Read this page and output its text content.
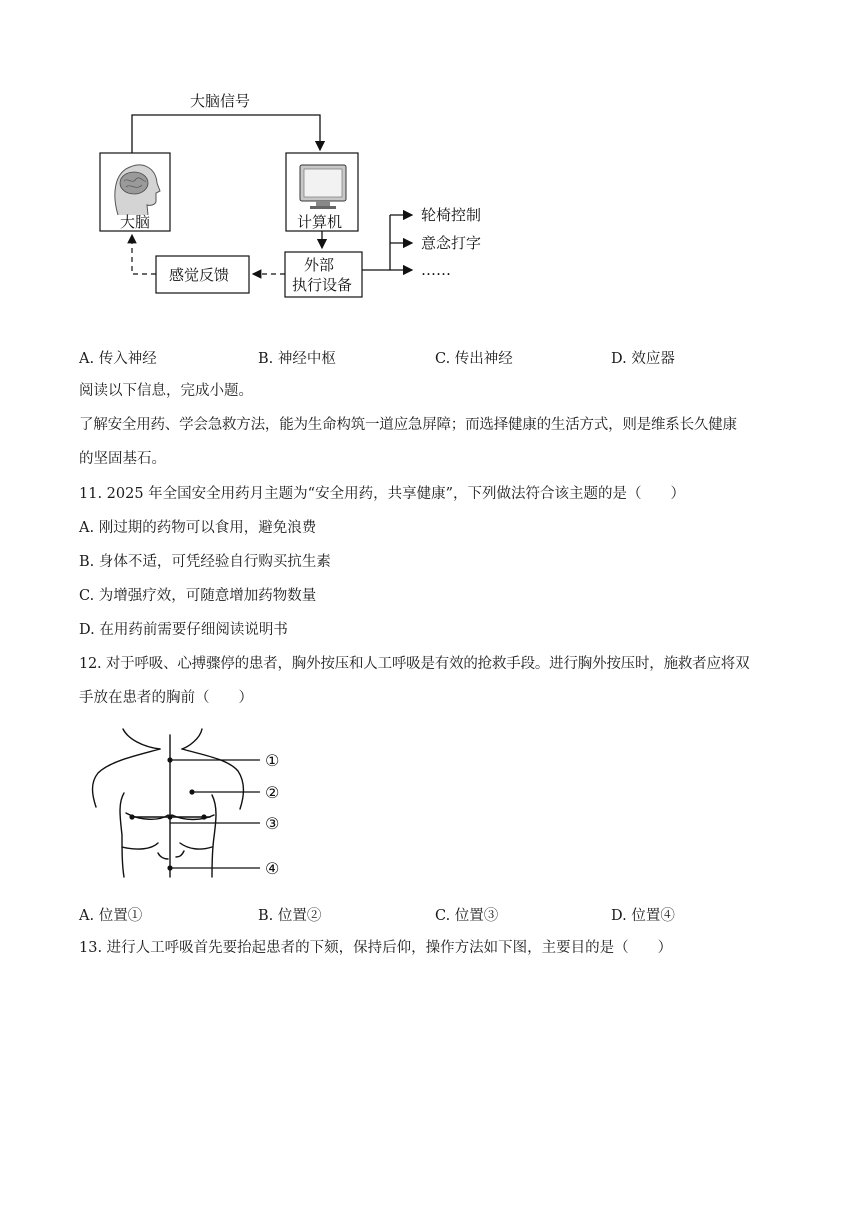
大脑信号
大脑	计算机
外部
执行设备
感觉反馈
轮椅控制
意念打字
……
A. 传入神经	B. 神经中枢	C. 传出神经	D. 效应器
阅读以下信息，完成小题。
了解安全用药、学会急救方法，能为生命构筑一道应急屏障；而选择健康的生活方式，则是维系长久健康
的坚固基石。
11. 2025 年全国安全用药月主题为“安全用药，共享健康”，下列做法符合该主题的是（　　）
A. 刚过期的药物可以食用，避免浪费
B. 身体不适，可凭经验自行购买抗生素
C. 为增强疗效，可随意增加药物数量
D. 在用药前需要仔细阅读说明书
12. 对于呼吸、心搏骤停的患者，胸外按压和人工呼吸是有效的抢救手段。进行胸外按压时，施救者应将双
手放在患者的胸前（　　）
①
②
③
④
A. 位置①	B. 位置②	C. 位置③	D. 位置④
13. 进行人工呼吸首先要抬起患者的下颏，保持后仰，操作方法如下图，主要目的是（　　）
